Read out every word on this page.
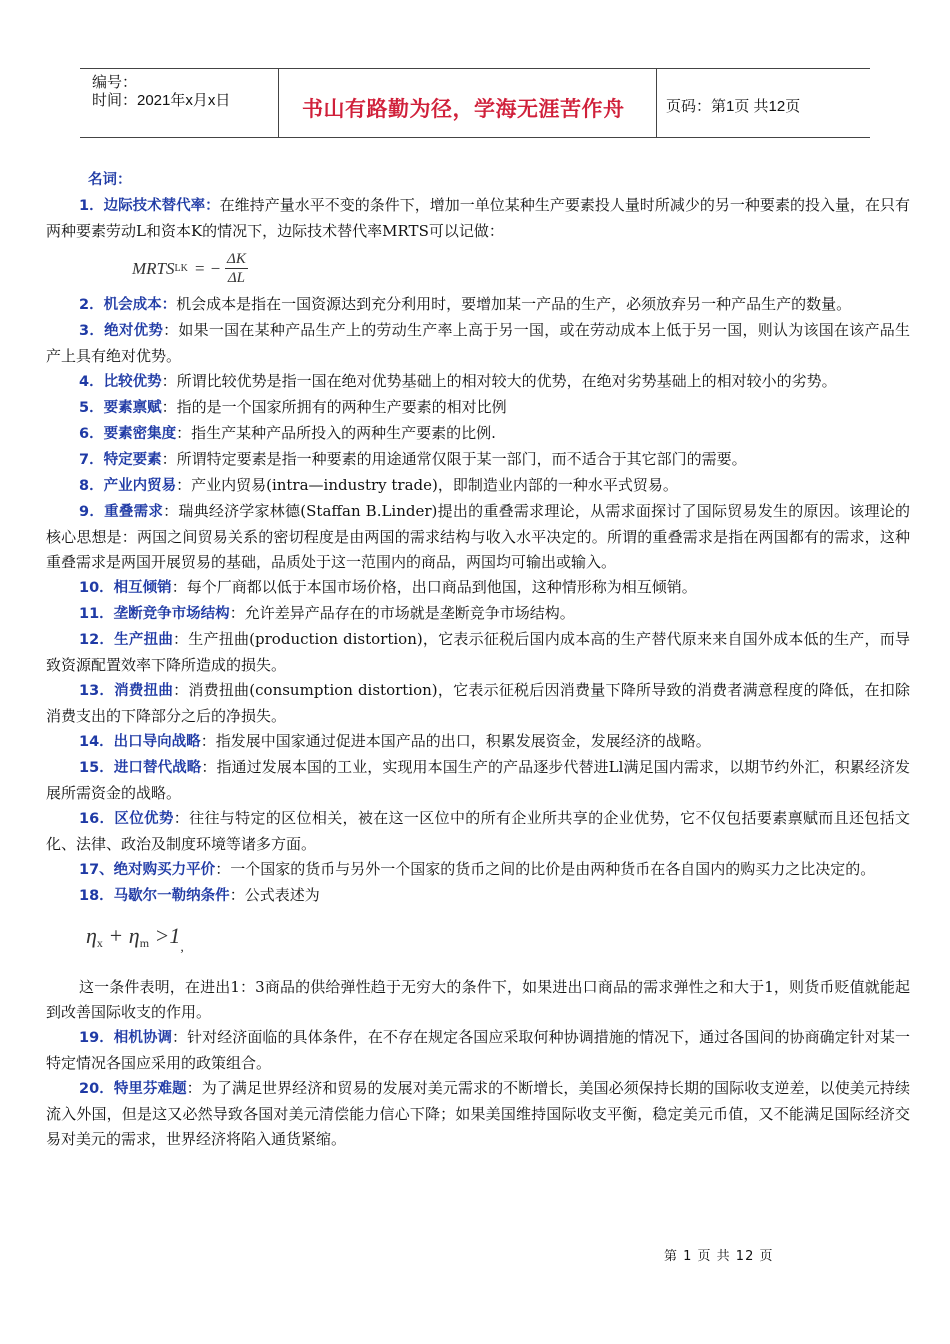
编号：
时间：2021年x月x日	书山有路勤为径，学海无涯苦作舟	页码：第1页 共12页

名词：

1．边际技术替代率：在维持产量水平不变的条件下，增加一单位某种生产要素投人量时所减少的另一种要素的投入量，在只有两种要素劳动L和资本K的情况下，边际技术替代率MRTS可以记做：

MRTS LK = − $\frac{\Delta K}{\Delta L}$

2．机会成本：机会成本是指在一国资源达到充分利用时，要增加某一产品的生产，必须放弃另一种产品生产的数量。

3．绝对优势：如果一国在某种产品生产上的劳动生产率上高于另一国，或在劳动成本上低于另一国，则认为该国在该产品生产上具有绝对优势。

4．比较优势：所谓比较优势是指一国在绝对优势基础上的相对较大的优势，在绝对劣势基础上的相对较小的劣势。

5．要素禀赋：指的是一个国家所拥有的两种生产要素的相对比例

6．要素密集度：指生产某种产品所投入的两种生产要素的比例.

7．特定要素：所谓特定要素是指一种要素的用途通常仅限于某一部门，而不适合于其它部门的需要。

8．产业内贸易：产业内贸易(intra—industry trade)，即制造业内部的一种水平式贸易。

9．重叠需求：瑞典经济学家林德(Staffan B.Linder)提出的重叠需求理论，从需求面探讨了国际贸易发生的原因。该理论的核心思想是：两国之间贸易关系的密切程度是由两国的需求结构与收入水平决定的。所谓的重叠需求是指在两国都有的需求，这种重叠需求是两国开展贸易的基础，品质处于这一范围内的商品，两国均可输出或输入。

10．相互倾销：每个厂商都以低于本国市场价格，出口商品到他国，这种情形称为相互倾销。

11．垄断竞争市场结构：允许差异产品存在的市场就是垄断竞争市场结构。

12．生产扭曲：生产扭曲(production distortion)，它表示征税后国内成本高的生产替代原来来自国外成本低的生产，而导致资源配置效率下降所造成的损失。

13．消费扭曲：消费扭曲(consumption distortion)，它表示征税后因消费量下降所导致的消费者满意程度的降低，在扣除消费支出的下降部分之后的净损失。

14．出口导向战略：指发展中国家通过促进本国产品的出口，积累发展资金，发展经济的战略。

15．进口替代战略：指通过发展本国的工业，实现用本国生产的产品逐步代替进Ll满足国内需求，以期节约外汇，积累经济发展所需资金的战略。

16．区位优势：往往与特定的区位相关，被在这一区位中的所有企业所共享的企业优势，它不仅包括要素禀赋而且还包括文化、法律、政治及制度环境等诸多方面。

17、绝对购买力平价：一个国家的货币与另外一个国家的货币之间的比价是由两种货币在各自国内的购买力之比决定的。

18．马歇尔一勒纳条件：公式表述为

$\eta x + \eta m >1_,$

这一条件表明，在进出1：3商品的供给弹性趋于无穷大的条件下，如果进出口商品的需求弹性之和大于1，则货币贬值就能起到改善国际收支的作用。

19．相机协调：针对经济面临的具体条件，在不存在规定各国应采取何种协调措施的情况下，通过各国间的协商确定针对某一特定情况各国应采用的政策组合。

20．特里芬难题：为了满足世界经济和贸易的发展对美元需求的不断增长，美国必须保持长期的国际收支逆差，以使美元持续流入外国，但是这又必然导致各国对美元清偿能力信心下降；如果美国维持国际收支平衡，稳定美元币值，又不能满足国际经济交易对美元的需求，世界经济将陷入通货紧缩。

第 1 页 共 12 页
